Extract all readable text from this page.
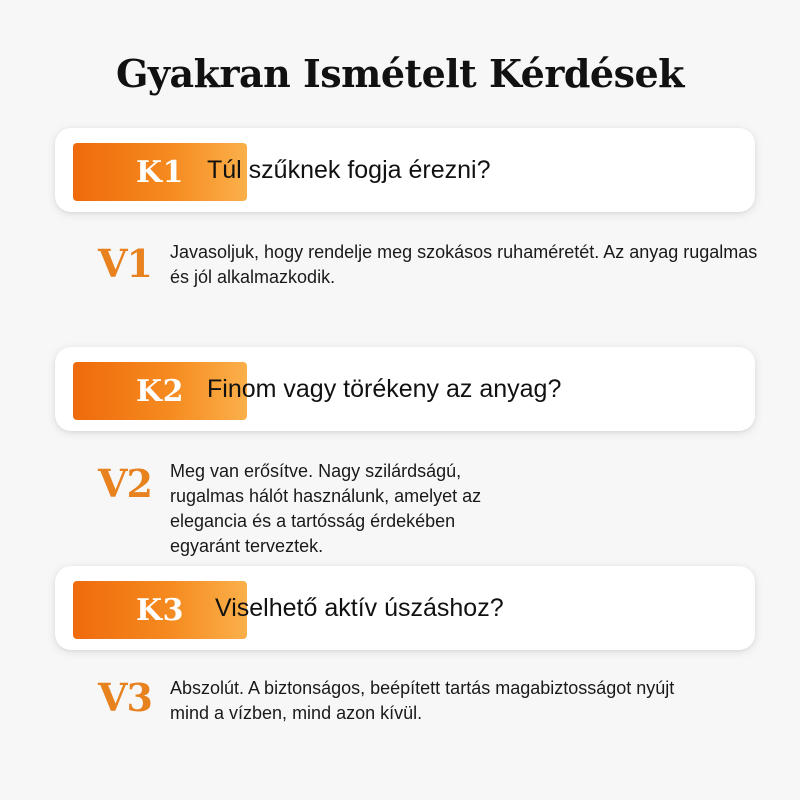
Gyakran Ismételt Kérdések
K1 Túl szűknek fogja érezni?
V1	Javasoljuk, hogy rendelje meg szokásos ruhaméretét. Az anyag rugalmas és jól alkalmazkodik.
K2 Finom vagy törékeny az anyag?
V2	Meg van erősítve. Nagy szilárdságú, rugalmas hálót használunk, amelyet az elegancia és a tartósság érdekében egyaránt terveztek.
K3	Viselhető aktív úszáshoz?
V3	Abszolút. A biztonságos, beépített tartás magabiztosságot nyújt mind a vízben, mind azon kívül.
